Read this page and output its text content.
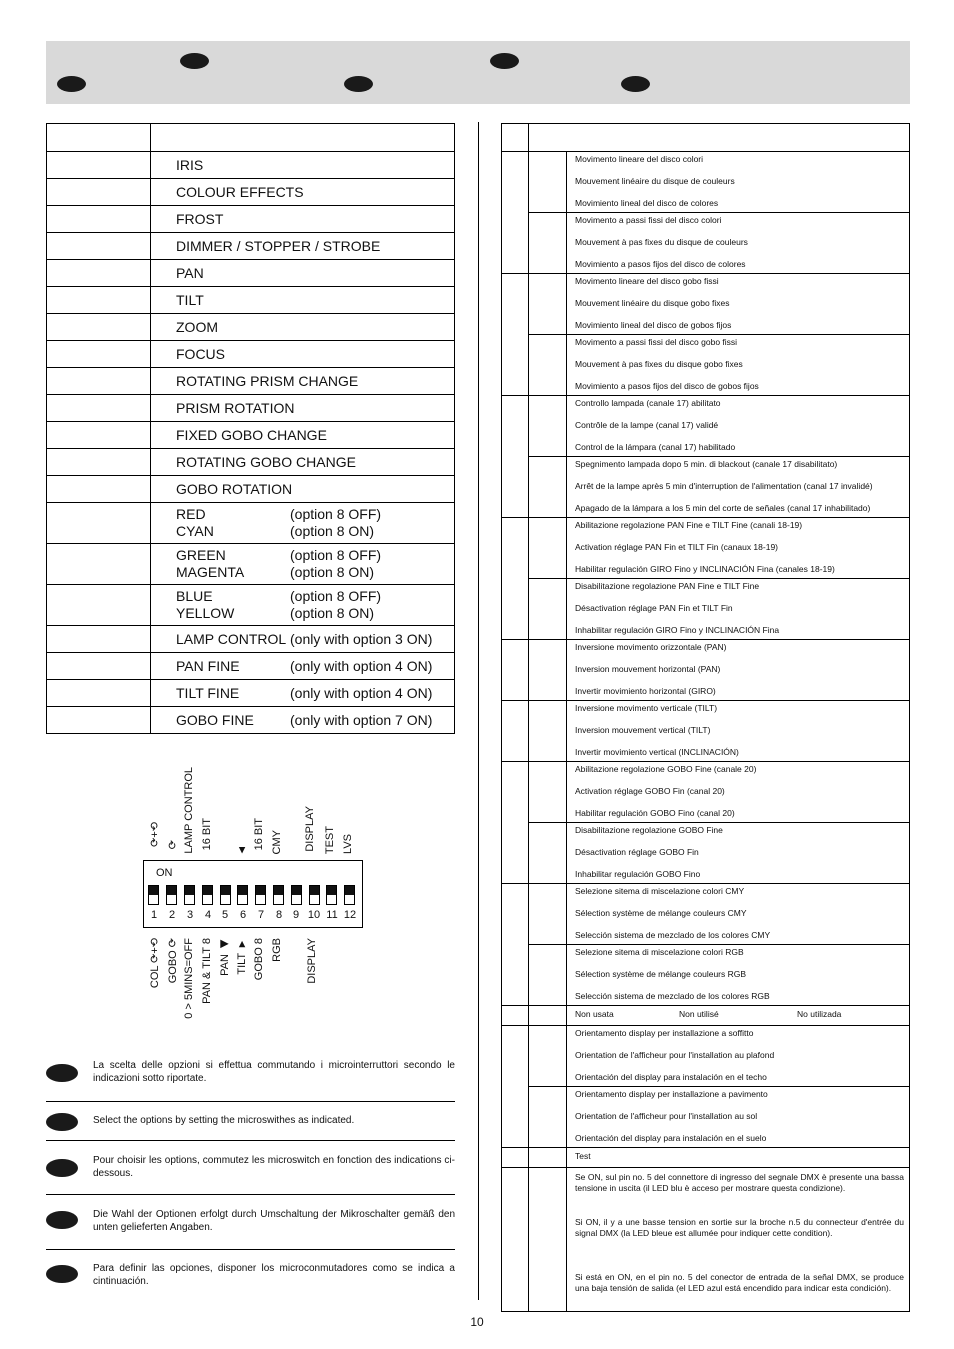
	IRIS
	COLOUR EFFECTS
	FROST
	DIMMER / STOPPER / STROBE
	PAN
	TILT
	ZOOM
	FOCUS
	ROTATING PRISM CHANGE
	PRISM ROTATION
	FIXED GOBO CHANGE
	ROTATING GOBO CHANGE
	GOBO ROTATION
	RED (option 8 OFF)
CYAN (option 8 ON)
	GREEN (option 8 OFF)
MAGENTA (option 8 ON)
	BLUE (option 8 OFF)
YELLOW (option 8 ON)
	LAMP CONTROL (only with option 3 ON)
	PAN FINE (only with option 4 ON)
	TILT FINE (only with option 4 ON)
	GOBO FINE (only with option 7 ON)

		Movimento lineare del disco colori
Mouvement linéaire du disque de couleurs
Movimiento lineal del disco de colores

		Movimento a passi fissi del disco colori
Mouvement à pas fixes du disque de couleurs
Movimiento a pasos fijos del disco de colores

		Movimento lineare del disco gobo fissi
Mouvement linéaire du disque gobo fixes
Movimiento lineal del disco de gobos fijos

		Movimento a passi fissi del disco gobo fissi
Mouvement à pas fixes du disque gobo fixes
Movimiento a pasos fijos del disco de gobos fijos

		Controllo lampada (canale 17) abilitato
Contrôle de la lampe (canal 17) validé
Control de la lámpara (canal 17) habilitado

		Spegnimento lampada dopo 5 min. di blackout (canale 17 disabilitato)
Arrêt de la lampe après 5 min d'interruption de l'alimentation (canal 17 invalidé)
Apagado de la lámpara a los 5 min del corte de señales (canal 17 inhabilitado)

		Abilitazione regolazione PAN Fine e TILT Fine (canali 18-19)
Activation réglage PAN Fin et TILT Fin (canaux 18-19)
Habilitar regulación GIRO Fino y INCLINACIÓN Fina (canales 18-19)

		Disabilitazione regolazione PAN Fine e TILT Fine
Désactivation réglage PAN Fin et TILT Fin
Inhabilitar regulación GIRO Fino y INCLINACIÓN Fina

		Inversione movimento orizzontale (PAN)
Inversion mouvement horizontal (PAN)
Invertir movimiento horizontal (GIRO)

		Inversione movimento verticale (TILT)
Inversion mouvement vertical (TILT)
Invertir movimiento vertical (INCLINACIÓN)

		Abilitazione regolazione GOBO Fine (canale 20)
Activation réglage GOBO Fin (canal 20)
Habilitar regulación GOBO Fino (canal 20)

		Disabilitazione regolazione GOBO Fine
Désactivation réglage GOBO Fin
Inhabilitar regulación GOBO Fino

		Selezione sitema di miscelazione colori CMY
Sélection système de mélange couleurs CMY
Selección sistema de mezclado de los colores CMY

		Selezione sitema di miscelazione colori RGB
Sélection système de mélange couleurs RGB
Selección sistema de mezclado de los colores RGB

		Non usata Non utilisé No utilizada

		Orientamento display per installazione a soffitto
Orientation de l'afficheur pour l'installation au plafond
Orientación del display para instalación en el techo

		Orientamento display per installazione a pavimento
Orientation de l'afficheur pour l'installation au sol
Orientación del display para instalación en el suelo

		Test

		Se ON, sul pin no. 5 del connettore di ingresso del segnale DMX è presente una bassa tensione in uscita (il LED blu è acceso per mostrare questa condizione).
Si ON, il y a une basse tension en sortie sur la broche n.5 du connecteur d'entrée du signal DMX (la LED bleue est allumée pour indiquer cette condition).
Si está en ON, en el pin no. 5 del conector de entrada de la señal DMX, se produce una baja tensión de salida (el LED azul está encendido para indicar esta condición).
⟳+⟲ ⟳ LAMP CONTROL 16 BIT ▲ 16 BIT CMY DISPLAY TEST LVS
ON
1	2	3	4 5	6	7	8 9 10 11 12
COL ⟳+⟲ GOBO ⟳ 0 > 5MINS=OFF PAN & TILT 8 PAN ◀ TILT ▼ GOBO 8 RGB DISPLAY
La scelta delle opzioni si effettua commutando i microinterruttori secondo le indicazioni sotto riportate.
Select the options by setting the microswithes as indicated.
Pour choisir les options, commutez les microswitch en fonction des indications ci-dessous.
Die Wahl der Optionen erfolgt durch Umschaltung der Mikroschalter gemäß den unten gelieferten Angaben.
Para definir las opciones, disponer los microconmutadores como se indica a cintinuación.
10
